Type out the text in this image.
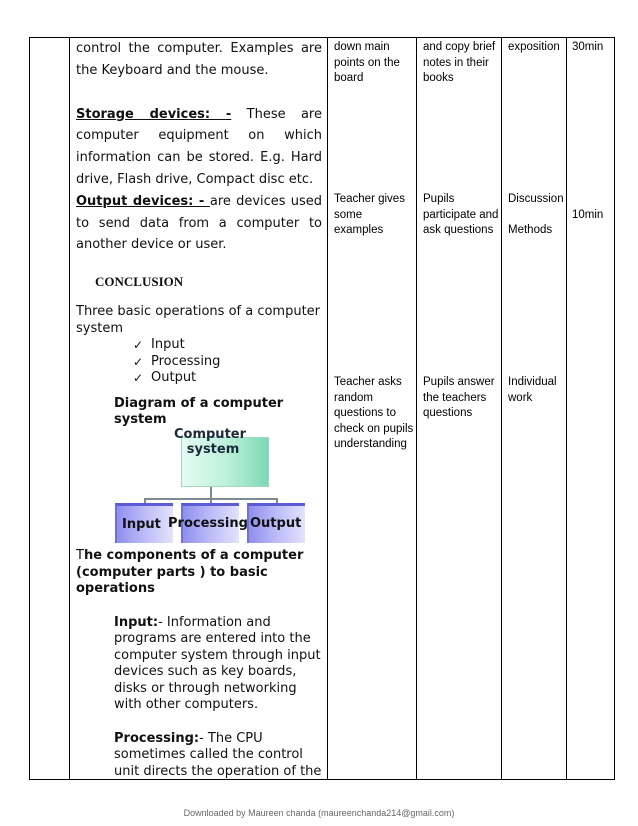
control the computer. Examples are the Keyboard and the mouse.

Storage devices: - These are computer equipment on which information can be stored. E.g. Hard drive, Flash drive, Compact disc etc.

Output devices: - are devices used to send data from a computer to another device or user.

CONCLUSION

Three basic operations of a computer system

✓ Input
✓ Processing
✓ Output

Diagram of a computer system

Computer
system
Input Processing Output

The components of a computer (computer parts ) to basic operations

Input:- Information and programs are entered into the computer system through input devices such as key boards, disks or through networking with other computers.

Processing:- The CPU sometimes called the control unit directs the operation of the

down main points on the board
Teacher gives some examples
Teacher asks random questions to check on pupils understanding
and copy brief notes in their books
Pupils participate and ask questions
Pupils answer the teachers questions
exposition
Discussion
Methods
Individual work
30min
10min
Downloaded by Maureen chanda (maureenchanda214@gmail.com)
